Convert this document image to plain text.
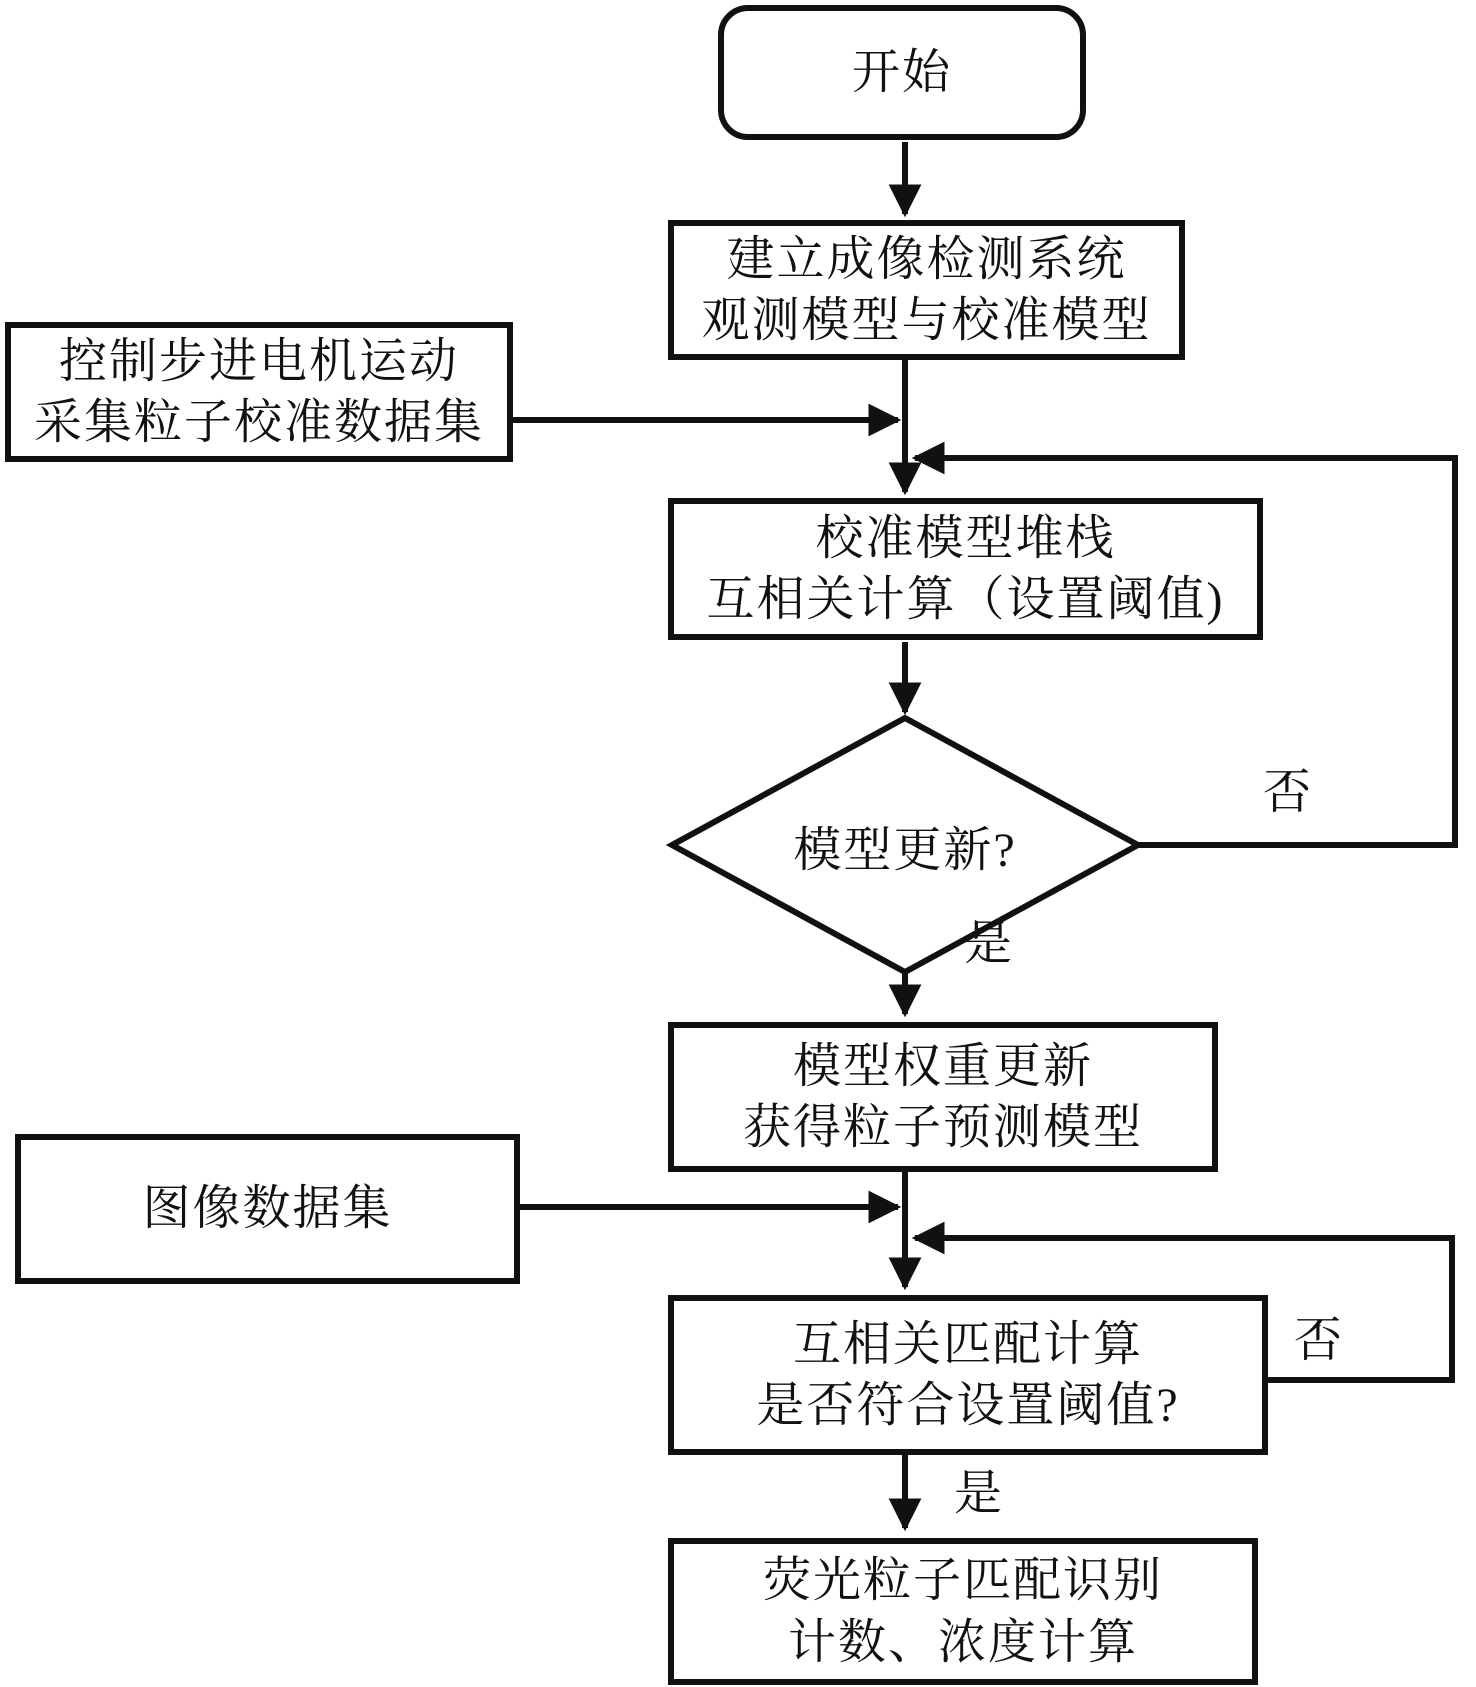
开始
建立成像检测系统
观测模型与校准模型
控制步进电机运动
采集粒子校准数据集
校准模型堆栈
互相关计算（设置阈值)
模型更新?
模型权重更新
获得粒子预测模型
图像数据集
互相关匹配计算
是否符合设置阈值?
荧光粒子匹配识别
计数、浓度计算
否
是
否
是
